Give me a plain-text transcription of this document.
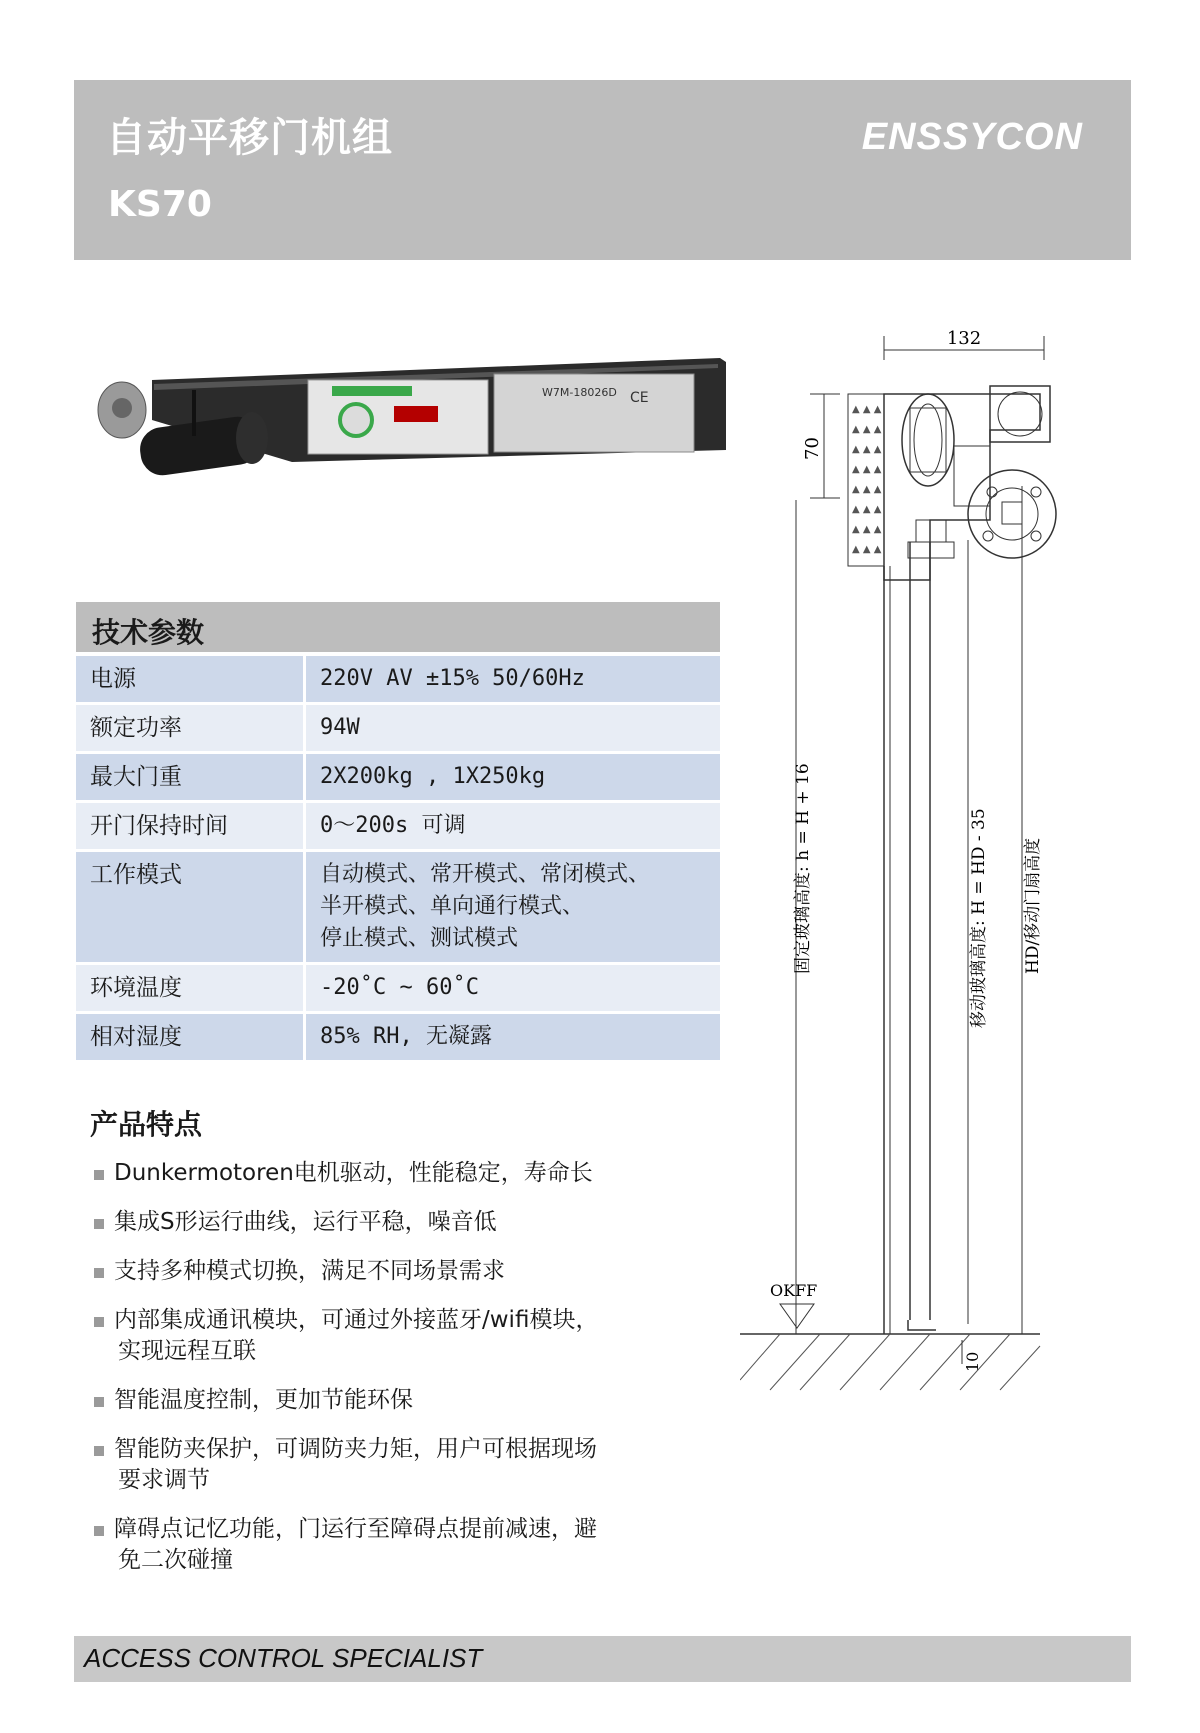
自动平移门机组
KS70
ENSSYCON
W7M-18026D CE
技术参数
电源	220V AV ±15% 50/60Hz

额定功率	94W

最大门重	2X200kg , 1X250kg

开门保持时间	0～200s 可调

工作模式	自动模式、常开模式、常闭模式、
半开模式、单向通行模式、
停止模式、测试模式

环境温度	-20˚C ~ 60˚C

相对湿度	85% RH, 无凝露
产品特点
Dunkermotoren电机驱动，性能稳定，寿命长
集成S形运行曲线，运行平稳，噪音低
支持多种模式切换，满足不同场景需求
内部集成通讯模块，可通过外接蓝牙/wifi模块，
实现远程互联
智能温度控制，更加节能环保
智能防夹保护，可调防夹力矩，用户可根据现场
要求调节
障碍点记忆功能，门运行至障碍点提前减速，避
免二次碰撞
132
▲ ▲ ▲
▲ ▲ ▲
▲ ▲ ▲
▲ ▲ ▲
▲ ▲ ▲
▲ ▲ ▲
▲ ▲ ▲
▲ ▲ ▲
70
固定玻璃高度: h = H + 16	移动玻璃高度: H = HD - 35 HD/移动门扇高度
OKFF
10
ACCESS CONTROL SPECIALIST
